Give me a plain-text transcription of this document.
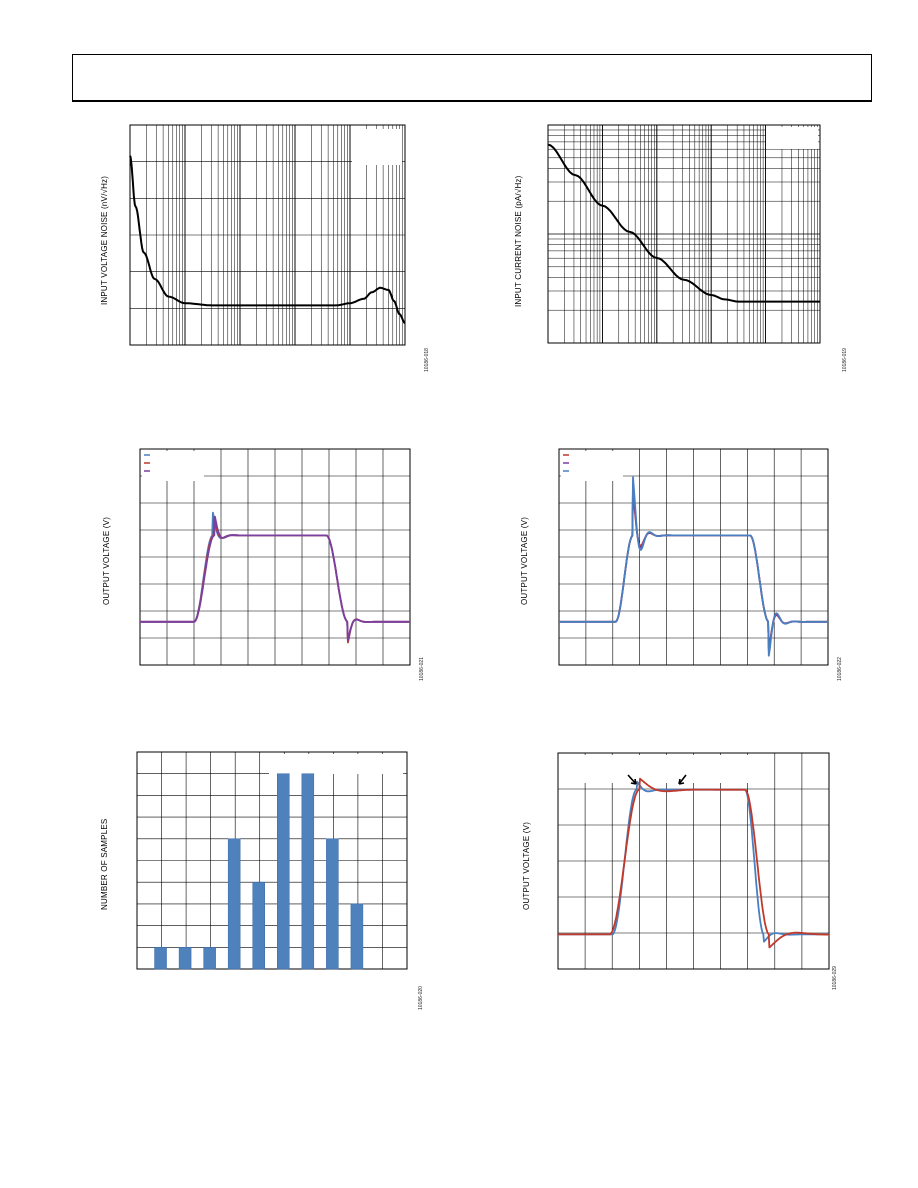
INPUT VOLTAGE NOISE (nV/√Hz)
10186-018
INPUT CURRENT NOISE (pA/√Hz)
10186-019
OUTPUT VOLTAGE (V)
10186-021
OUTPUT VOLTAGE (V)
10186-022
NUMBER OF SAMPLES
10186-020
OUTPUT VOLTAGE (V)
10186-029
